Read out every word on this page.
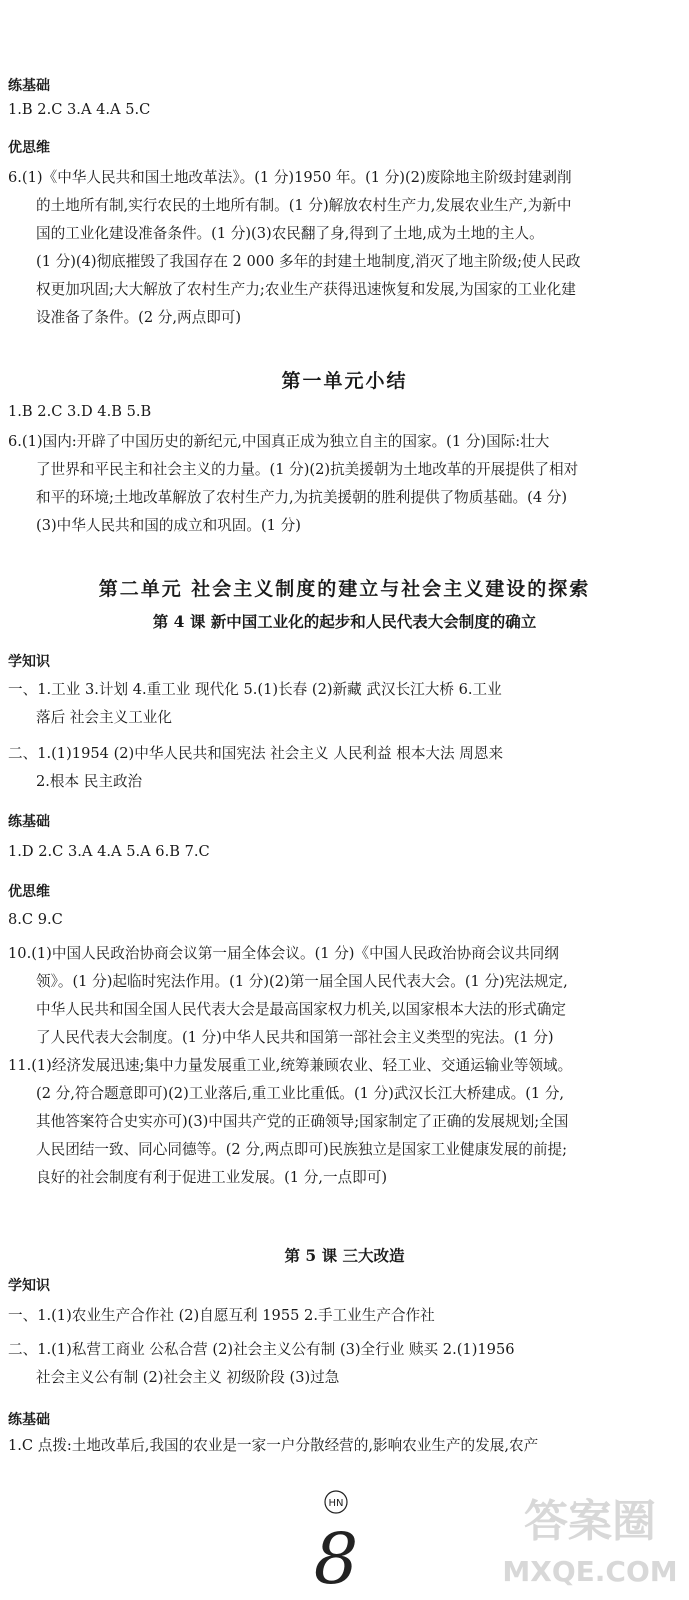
练基础
1.B 2.C 3.A 4.A 5.C
优思维
6.(1)《中华人民共和国土地改革法》。(1 分)1950 年。(1 分)(2)废除地主阶级封建剥削
的土地所有制,实行农民的土地所有制。(1 分)解放农村生产力,发展农业生产,为新中
国的工业化建设准备条件。(1 分)(3)农民翻了身,得到了土地,成为土地的主人。
(1 分)(4)彻底摧毁了我国存在 2 000 多年的封建土地制度,消灭了地主阶级;使人民政
权更加巩固;大大解放了农村生产力;农业生产获得迅速恢复和发展,为国家的工业化建
设准备了条件。(2 分,两点即可)
第一单元小结
1.B 2.C 3.D 4.B 5.B
6.(1)国内:开辟了中国历史的新纪元,中国真正成为独立自主的国家。(1 分)国际:壮大
了世界和平民主和社会主义的力量。(1 分)(2)抗美援朝为土地改革的开展提供了相对
和平的环境;土地改革解放了农村生产力,为抗美援朝的胜利提供了物质基础。(4 分)
(3)中华人民共和国的成立和巩固。(1 分)
第二单元 社会主义制度的建立与社会主义建设的探索
第 4 课 新中国工业化的起步和人民代表大会制度的确立
学知识
一、1.工业 3.计划 4.重工业 现代化 5.(1)长春 (2)新藏 武汉长江大桥 6.工业
落后 社会主义工业化
二、1.(1)1954 (2)中华人民共和国宪法 社会主义 人民利益 根本大法 周恩来
2.根本 民主政治
练基础
1.D 2.C 3.A 4.A 5.A 6.B 7.C
优思维
8.C 9.C
10.(1)中国人民政治协商会议第一届全体会议。(1 分)《中国人民政治协商会议共同纲
领》。(1 分)起临时宪法作用。(1 分)(2)第一届全国人民代表大会。(1 分)宪法规定,
中华人民共和国全国人民代表大会是最高国家权力机关,以国家根本大法的形式确定
了人民代表大会制度。(1 分)中华人民共和国第一部社会主义类型的宪法。(1 分)
11.(1)经济发展迅速;集中力量发展重工业,统筹兼顾农业、轻工业、交通运输业等领域。
(2 分,符合题意即可)(2)工业落后,重工业比重低。(1 分)武汉长江大桥建成。(1 分,
其他答案符合史实亦可)(3)中国共产党的正确领导;国家制定了正确的发展规划;全国
人民团结一致、同心同德等。(2 分,两点即可)民族独立是国家工业健康发展的前提;
良好的社会制度有利于促进工业发展。(1 分,一点即可)
第 5 课 三大改造
学知识
一、1.(1)农业生产合作社 (2)自愿互利 1955 2.手工业生产合作社
二、1.(1)私营工商业 公私合营 (2)社会主义公有制 (3)全行业 赎买 2.(1)1956
社会主义公有制 (2)社会主义 初级阶段 (3)过急
练基础
1.C 点拨:土地改革后,我国的农业是一家一户分散经营的,影响农业生产的发展,农产
HN
8	答案圈
MXQE.COM
